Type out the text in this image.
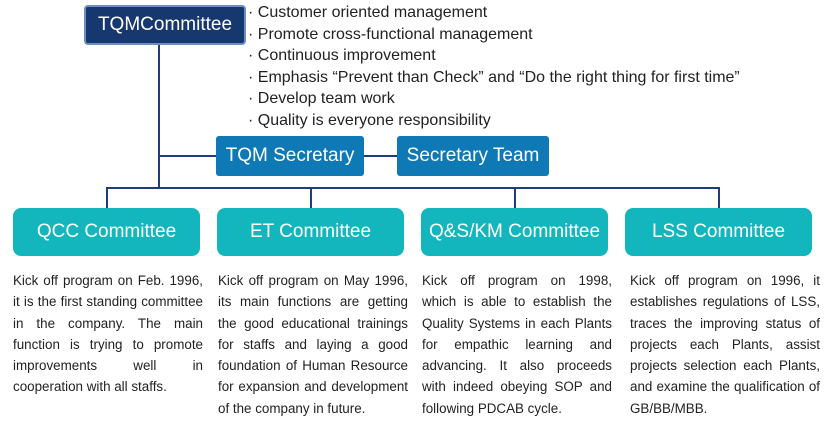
TQMCommittee
· Customer oriented management
· Promote cross-functional management
· Continuous improvement
· Emphasis “Prevent than Check” and “Do the right thing for first time”
· Develop team work
· Quality is everyone responsibility
TQM Secretary	Secretary Team
QCC Committee	ET Committee	Q&S/KM Committee	LSS Committee

Kick off program on Feb. 1996, it is the first standing committee in the company. The main function is trying to promote improvements well in cooperation with all staffs.

Kick off program on May 1996, its main functions are getting the good educational trainings for staffs and laying a good foundation of Human Resource for expansion and development of the company in future.

Kick off program on 1998, which is able to establish the Quality Systems in each Plants for empathic learning and advancing. It also proceeds with indeed obeying SOP and following PDCAB cycle.

Kick off program on 1996, it establishes regulations of LSS, traces the improving status of projects each Plants, assist projects selection each Plants, and examine the qualification of GB/BB/MBB.
